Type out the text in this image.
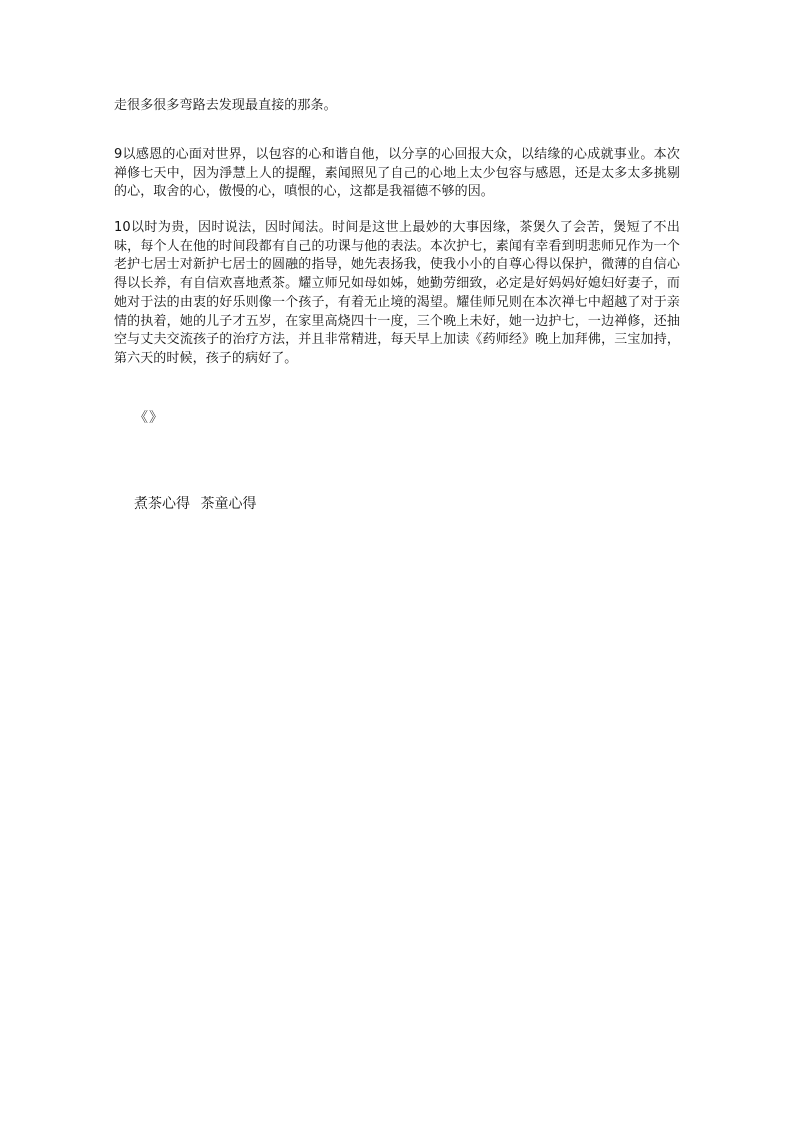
走很多很多弯路去发现最直接的那条。

9以感恩的心面对世界，以包容的心和谐自他，以分享的心回报大众，以结缘的心成就事业。本次禅修七天中，因为淨慧上人的提醒，素闻照见了自己的心地上太少包容与感恩，还是太多太多挑剔的心，取舍的心，傲慢的心，嗔恨的心，这都是我福德不够的因。

10以时为贵，因时说法，因时闻法。时间是这世上最妙的大事因缘，茶煲久了会苦，煲短了不出味，每个人在他的时间段都有自己的功课与他的表法。本次护七，素闻有幸看到明悲师兄作为一个老护七居士对新护七居士的圆融的指导，她先表扬我，使我小小的自尊心得以保护，微薄的自信心得以长养，有自信欢喜地煮茶。耀立师兄如母如姊，她勤劳细致，必定是好妈妈好媳妇好妻子，而她对于法的由衷的好乐则像一个孩子，有着无止境的渴望。耀佳师兄则在本次禅七中超越了对于亲情的执着，她的儿子才五岁，在家里高烧四十一度，三个晚上未好，她一边护七，一边禅修，还抽空与丈夫交流孩子的治疗方法，并且非常精进，每天早上加读《药师经》晚上加拜佛，三宝加持，第六天的时候，孩子的病好了。

《》
煮茶心得 茶童心得
